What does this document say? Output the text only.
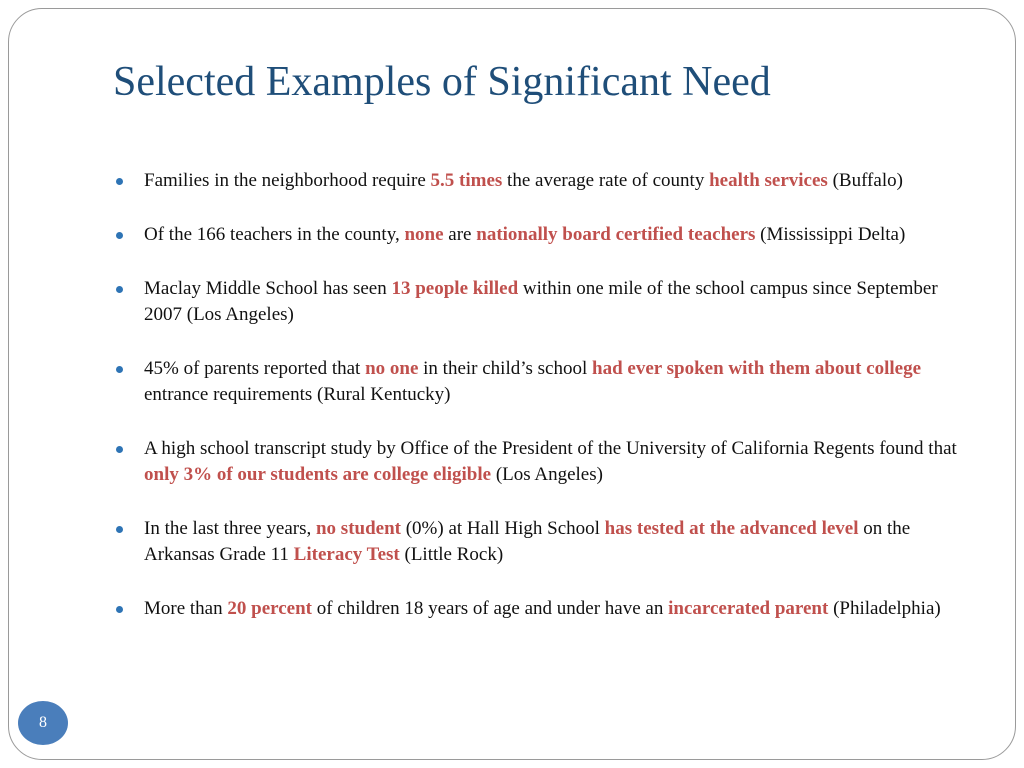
Selected Examples of Significant Need
Families in the neighborhood require 5.5 times the average rate of county health services (Buffalo)
Of the 166 teachers in the county, none are nationally board certified teachers (Mississippi Delta)
Maclay Middle School has seen 13 people killed within one mile of the school campus since September 2007 (Los Angeles)
45% of parents reported that no one in their child’s school had ever spoken with them about college entrance requirements (Rural Kentucky)
A high school transcript study by Office of the President of the University of California Regents found that only 3% of our students are college eligible (Los Angeles)
In the last three years, no student (0%) at Hall High School has tested at the advanced level on the Arkansas Grade 11 Literacy Test (Little Rock)
More than 20 percent of children 18 years of age and under have an incarcerated parent (Philadelphia)
8
